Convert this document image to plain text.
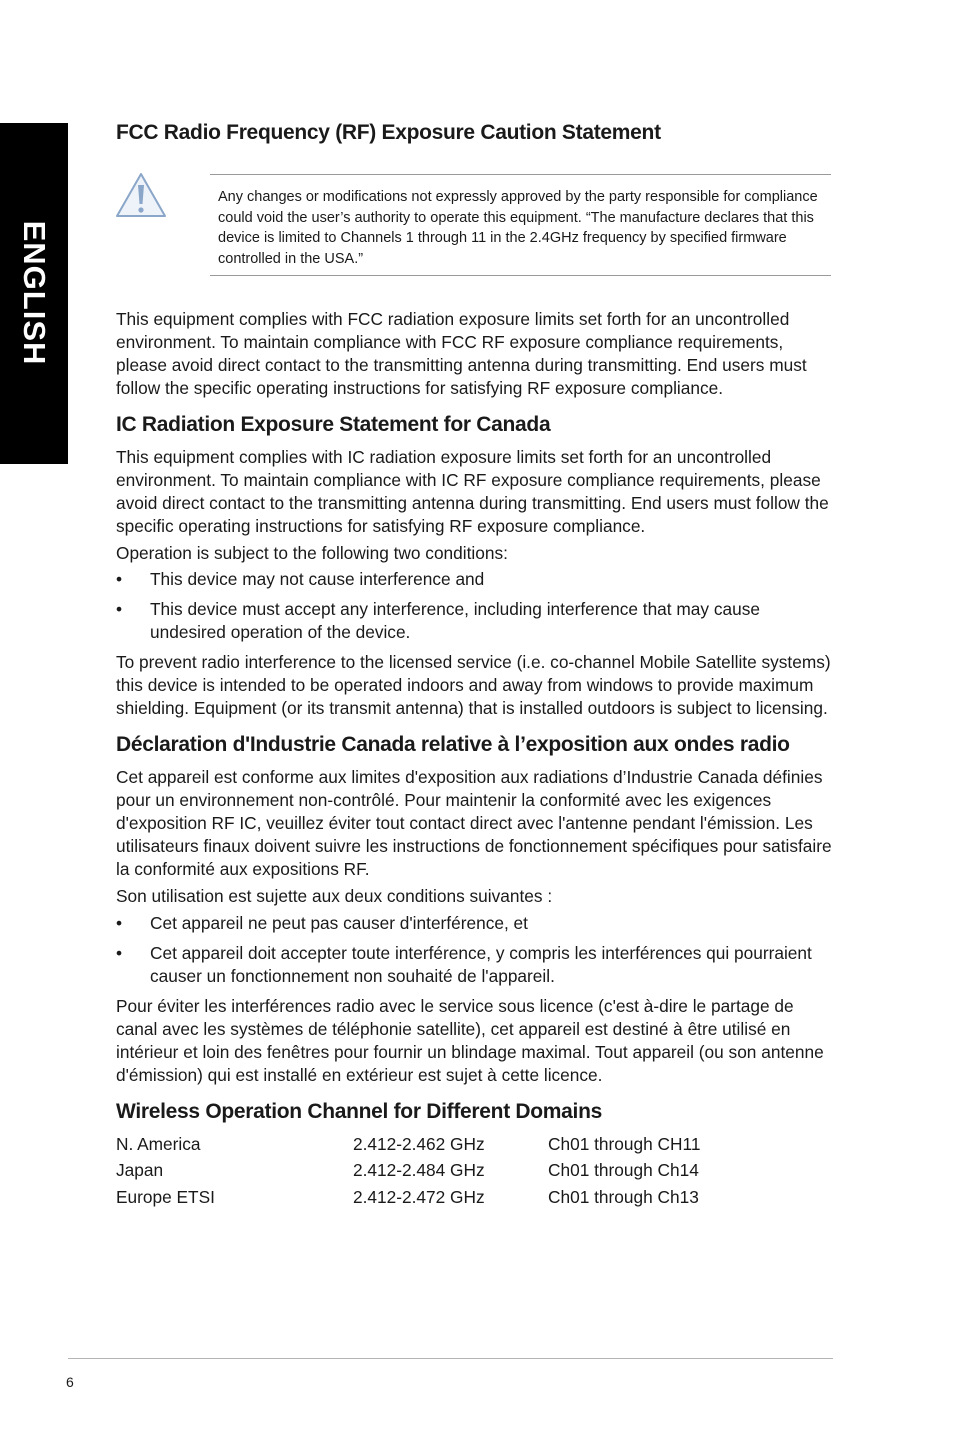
ENGLISH
FCC Radio Frequency (RF) Exposure Caution Statement

Any changes or modifications not expressly approved by the party responsible for compliance could void the user’s authority to operate this equipment. “The manufacture declares that this device is limited to Channels 1 through 11 in the 2.4GHz frequency by specified firmware controlled in the USA.”

This equipment complies with FCC radiation exposure limits set forth for an uncontrolled environment. To maintain compliance with FCC RF exposure compliance requirements, please avoid direct contact to the transmitting antenna during transmitting. End users must follow the specific operating instructions for satisfying RF exposure compliance.

IC Radiation Exposure Statement for Canada

This equipment complies with IC radiation exposure limits set forth for an uncontrolled environment. To maintain compliance with IC RF exposure compliance requirements, please avoid direct contact to the transmitting antenna during transmitting. End users must follow the specific operating instructions for satisfying RF exposure compliance.

Operation is subject to the following two conditions:

• This device may not cause interference and
• This device must accept any interference, including interference that may cause undesired operation of the device.

To prevent radio interference to the licensed service (i.e. co-channel Mobile Satellite systems) this device is intended to be operated indoors and away from windows to provide maximum shielding. Equipment (or its transmit antenna) that is installed outdoors is subject to licensing.

Déclaration d'Industrie Canada relative à l’exposition aux ondes radio

Cet appareil est conforme aux limites d'exposition aux radiations d’Industrie Canada définies pour un environnement non-contrôlé. Pour maintenir la conformité avec les exigences d'exposition RF IC, veuillez éviter tout contact direct avec l'antenne pendant l'émission. Les utilisateurs finaux doivent suivre les instructions de fonctionnement spécifiques pour satisfaire la conformité aux expositions RF.

Son utilisation est sujette aux deux conditions suivantes :

• Cet appareil ne peut pas causer d'interférence, et
• Cet appareil doit accepter toute interférence, y compris les interférences qui pourraient causer un fonctionnement non souhaité de l'appareil.

Pour éviter les interférences radio avec le service sous licence (c'est à-dire le partage de canal avec les systèmes de téléphonie satellite), cet appareil est destiné à être utilisé en intérieur et loin des fenêtres pour fournir un blindage maximal. Tout appareil (ou son antenne d'émission) qui est installé en extérieur est sujet à cette licence.

Wireless Operation Channel for Different Domains
N. America	2.412-2.462 GHz	Ch01 through CH11
Japan	2.412-2.484 GHz	Ch01 through Ch14
Europe ETSI	2.412-2.472 GHz	Ch01 through Ch13
6
